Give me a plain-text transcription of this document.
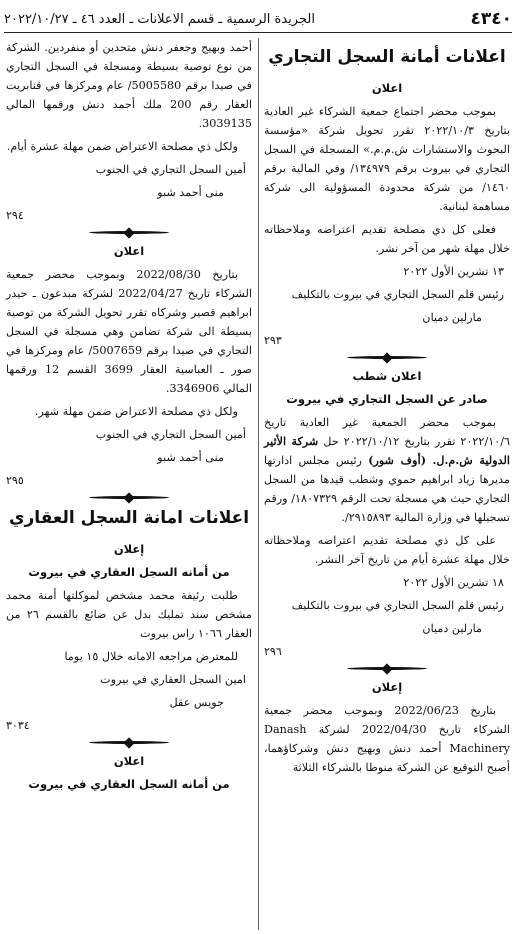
٤٣٤٠
الجريدة الرسمية ـ قسم الاعلانات ـ العدد ٤٦ ـ ٢٠٢٢/١٠/٢٧
اعلانات أمانة السجل التجاري
اعلان

بموجب محضر اجتماع جمعية الشركاء غير العادية بتاريخ ٢٠٢٢/١٠/٣ تقرر تحويل شركة «مؤسسة البحوث والاستشارات ش.م.م.» المسجلة في السجل التجاري في بيروت برقم ١٣٤٩٧٩/ وفي المالية برقم ١٤٦٠/ من شركة محدودة المسؤولية الى شركة مساهمة لبنانية.

فعلى كل ذي مصلحة تقديم اعتراضه وملاحظاته خلال مهلة شهر من آخر نشر.

١٣ تشرين الأول ٢٠٢٢

رئيس قلم السجل التجاري في بيروت بالتكليف

مارلين دميان

٢٩٣
اعلان شطب
صادر عن السجل التجاري في بيروت

بموجب محضر الجمعية غير العادية تاريخ ٢٠٢٢/١٠/٦ تقرر بتاريخ ٢٠٢٢/١٠/١٢ حل شركة الأثير الدولية ش.م.ل. (أوف شور) رئيس مجلس ادارتها مديرها زياد ابراهيم حموي وشطب قيدها من السجل التجاري حيث هي مسجلة تحت الرقم ١٨٠٧٣٢٩/ ورقم تسجيلها في وزارة المالية ٢٩١٥٨٩٣/.

على كل ذي مصلحة تقديم اعتراضه وملاحظاته خلال مهلة عشرة أيام من تاريخ آخر النشر.

١٨ تشرين الأول ٢٠٢٢

رئيس قلم السجل التجاري في بيروت بالتكليف

مارلين دميان

٢٩٦
إعلان

بتاريخ 2022/06/23 وبموجب محضر جمعية الشركاء تاريخ 2022/04/30 لشركة Danash Machinery أحمد دنش وبهيج دنش وشركاؤهما، أصبح التوقيع عن الشركة منوطا بالشركاء الثلاثة

أحمد وبهيج وجعفر دنش متحدين أو منفردين. الشركة من نوع توصية بسيطة ومسجلة في السجل التجاري في صيدا برقم 5005580/ عام ومركزها في قنابريت العقار رقم 200 ملك أحمد دنش ورقمها المالي 3039135.

ولكل ذي مصلحة الاعتراض ضمن مهلة عشرة أيام.

أمين السجل التجاري في الجنوب

منى أحمد شبو

٢٩٤
اعلان

بتاريخ 2022/08/30 وبموجب محضر جمعية الشركاء تاريخ 2022/04/27 لشركة مبدعون ـ حيدر ابراهيم قصير وشركاه تقرر تحويل الشركة من توصية بسيطة الى شركة تضامن وهي مسجلة في السجل التجاري في صيدا برقم 5007659/ عام ومركزها في صور ـ العباسية العقار 3699 القسم 12 ورقمها المالي 3346906.

ولكل ذي مصلحة الاعتراض ضمن مهلة شهر.

أمين السجل التجاري في الجنوب

منى أحمد شبو

٢٩٥
اعلانات امانة السجل العقاري
إعلان
من أمانه السجل العقاري في بيروت

طلبت رئيفة محمد مشخص لموكلتها أمنة محمد مشخص سند تمليك بدل عن ضائع بالقسم ٢٦ من العقار ١٠٦٦ راس بيروت

للمعترض مراجعه الامانه خلال ١٥ يوما

امين السجل العقاري في بيروت

جويس عقل

٣٠٣٤
اعلان
من أمانه السجل العقاري في بيروت
